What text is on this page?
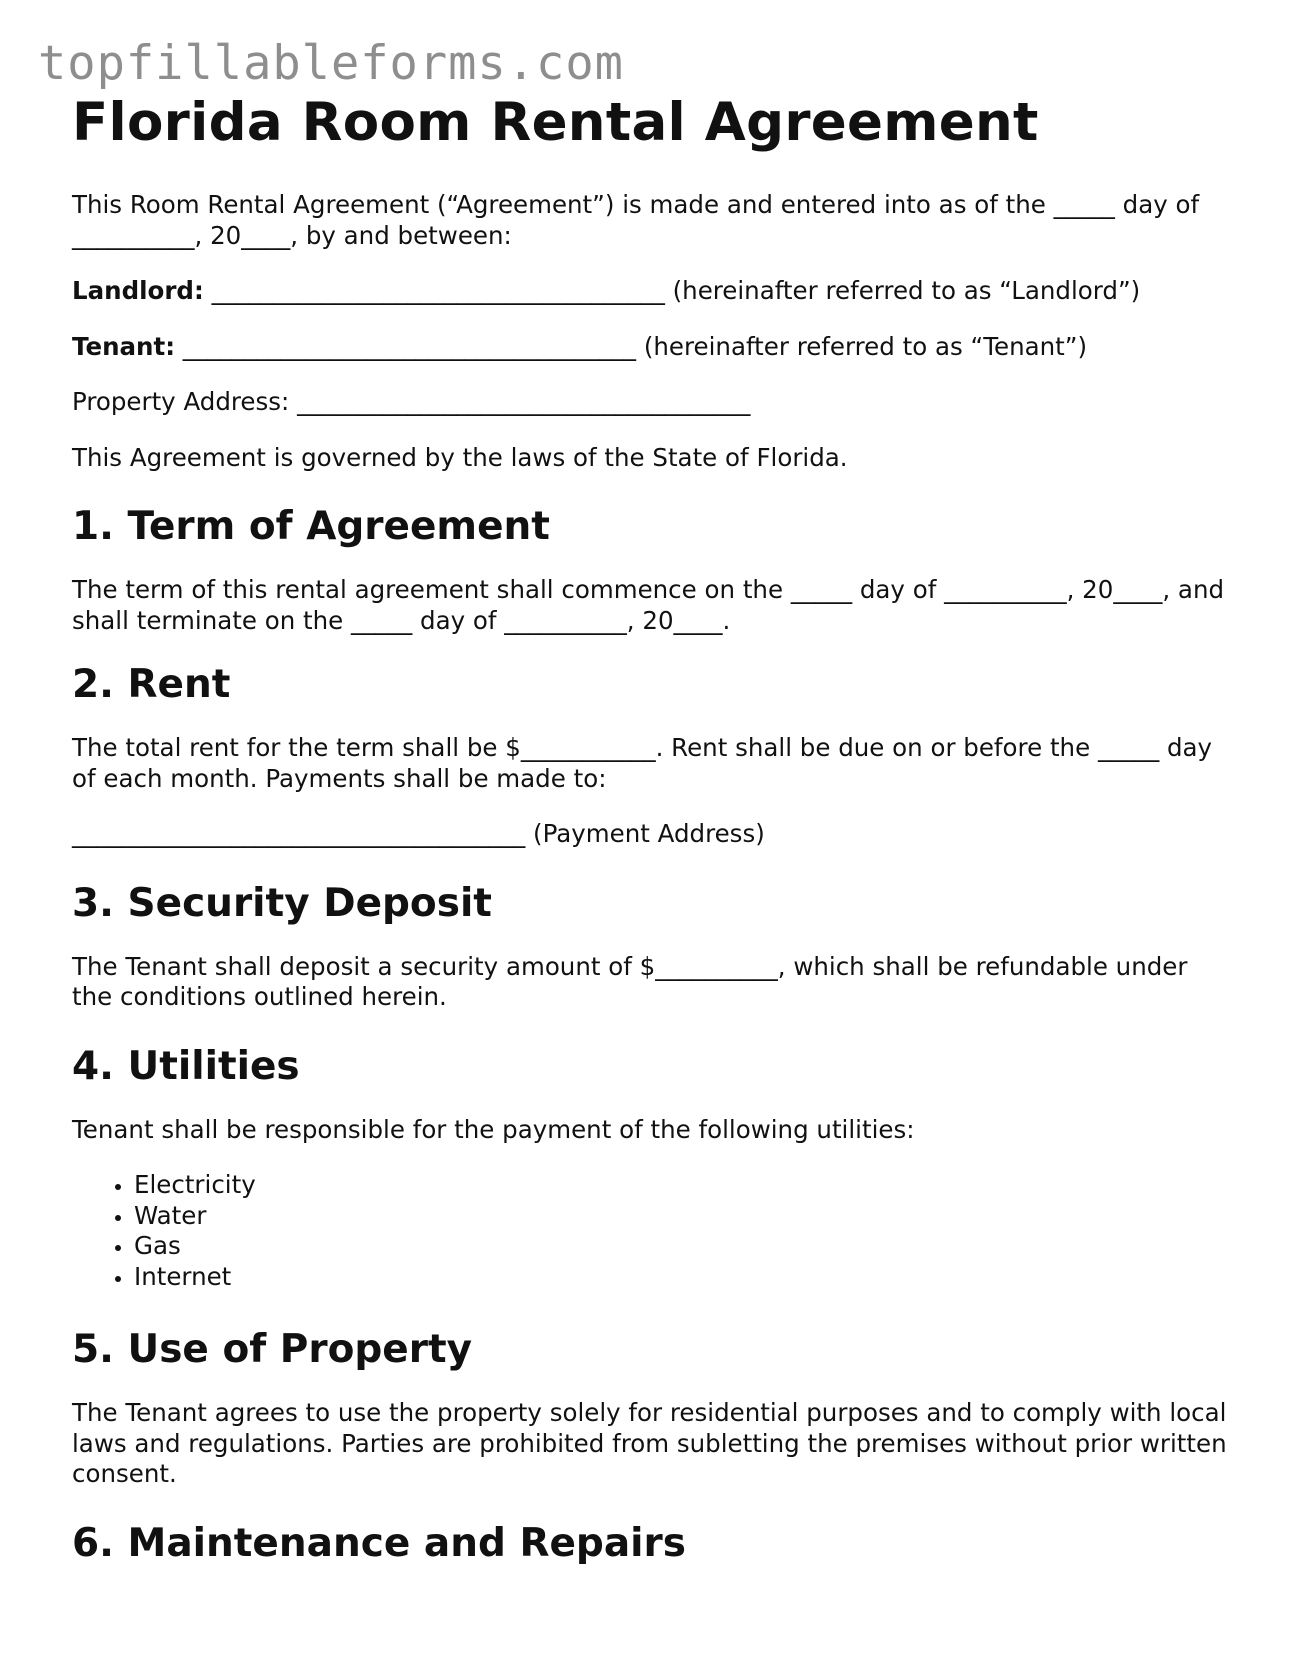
topfillableforms.com
Florida Room Rental Agreement

This Room Rental Agreement (“Agreement”) is made and entered into as of the _____ day of __________, 20____, by and between:

Landlord: _____________________________________ (hereinafter referred to as “Landlord”)

Tenant: _____________________________________ (hereinafter referred to as “Tenant”)

Property Address: _____________________________________

This Agreement is governed by the laws of the State of Florida.

1. Term of Agreement

The term of this rental agreement shall commence on the _____ day of __________, 20____, and shall terminate on the _____ day of __________, 20____.

2. Rent

The total rent for the term shall be $___________. Rent shall be due on or before the _____ day of each month. Payments shall be made to:

_____________________________________ (Payment Address)

3. Security Deposit

The Tenant shall deposit a security amount of $__________, which shall be refundable under the conditions outlined herein.

4. Utilities

Tenant shall be responsible for the payment of the following utilities:

• Electricity
• Water
• Gas
• Internet
5. Use of Property

The Tenant agrees to use the property solely for residential purposes and to comply with local laws and regulations. Parties are prohibited from subletting the premises without prior written consent.

6. Maintenance and Repairs
